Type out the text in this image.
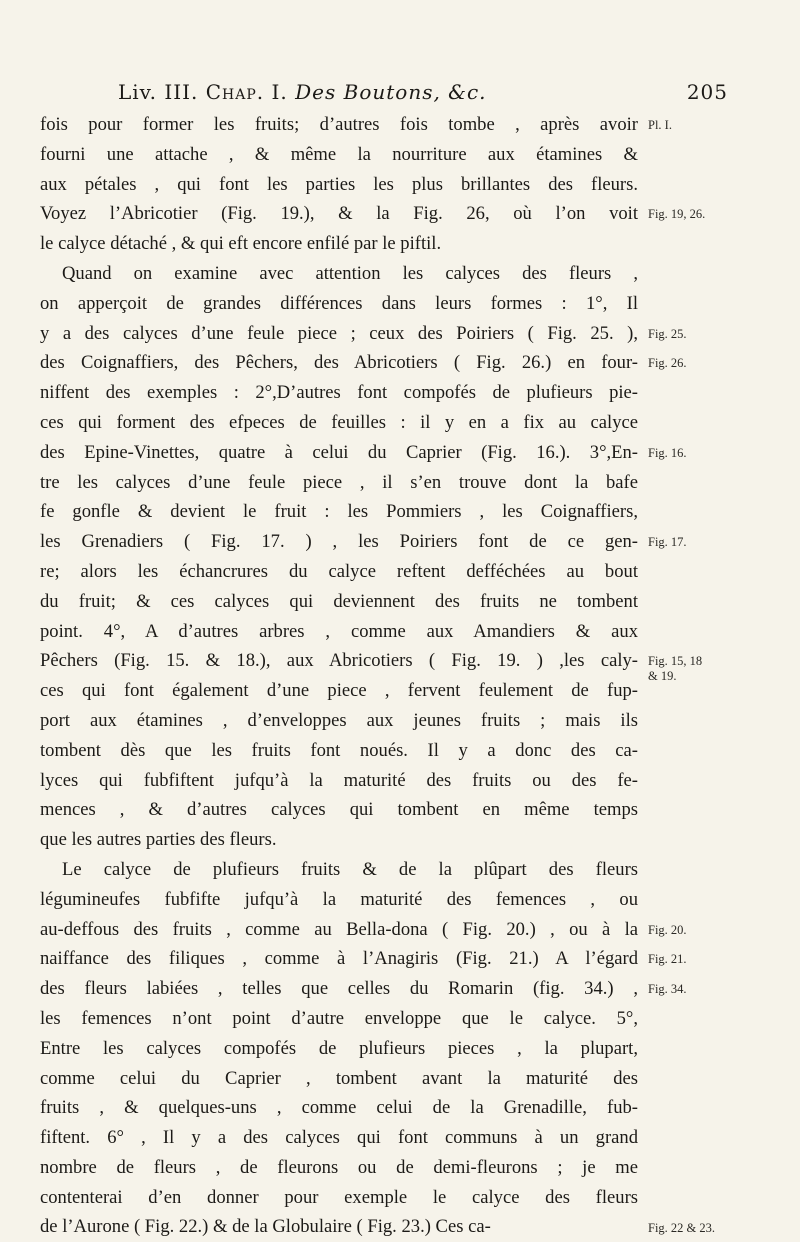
Liv. III. Chap. I. Des Boutons, &c.	205
fois pour former les fruits; d’autres fois tombe , après avoir
fourni une attache , & même la nourriture aux étamines &
aux pétales , qui font les parties les plus brillantes des fleurs.
Voyez l’Abricotier (Fig. 19.), & la Fig. 26, où l’on voit
le calyce détaché , & qui eft encore enfilé par le piftil.
Quand on examine avec attention les calyces des fleurs ,
on apperçoit de grandes différences dans leurs formes : 1°, Il
y a des calyces d’une feule piece ; ceux des Poiriers ( Fig. 25. ),
des Coignaffiers, des Pêchers, des Abricotiers ( Fig. 26.) en four-
niffent des exemples : 2°,D’autres font compofés de plufieurs pie-
ces qui forment des efpeces de feuilles : il y en a fix au calyce
des Epine-Vinettes, quatre à celui du Caprier (Fig. 16.). 3°,En-
tre les calyces d’une feule piece , il s’en trouve dont la bafe
fe gonfle & devient le fruit : les Pommiers , les Coignaffiers,
les Grenadiers ( Fig. 17. ) , les Poiriers font de ce gen-
re; alors les échancrures du calyce reftent defféchées au bout
du fruit; & ces calyces qui deviennent des fruits ne tombent
point. 4°, A d’autres arbres , comme aux Amandiers & aux
Pêchers (Fig. 15. & 18.), aux Abricotiers ( Fig. 19. ) ,les caly-
ces qui font également d’une piece , fervent feulement de fup-
port aux étamines , d’enveloppes aux jeunes fruits ; mais ils
tombent dès que les fruits font noués. Il y a donc des ca-
lyces qui fubfiftent jufqu’à la maturité des fruits ou des fe-
mences , & d’autres calyces qui tombent en même temps
que les autres parties des fleurs.
Le calyce de plufieurs fruits & de la plûpart des fleurs
légumineufes fubfifte jufqu’à la maturité des femences , ou
au-deffous des fruits , comme au Bella-dona ( Fig. 20.) , ou à la
naiffance des filiques , comme à l’Anagiris (Fig. 21.) A l’égard
des fleurs labiées , telles que celles du Romarin (fig. 34.) ,
les femences n’ont point d’autre enveloppe que le calyce. 5°,
Entre les calyces compofés de plufieurs pieces , la plupart,
comme celui du Caprier , tombent avant la maturité des
fruits , & quelques-uns , comme celui de la Grenadille, fub-
fiftent. 6° , Il y a des calyces qui font communs à un grand
nombre de fleurs , de fleurons ou de demi-fleurons ; je me
contenterai d’en donner pour exemple le calyce des fleurs
de l’Aurone ( Fig. 22.) & de la Globulaire ( Fig. 23.) Ces ca-
Pl. I.
Fig. 19, 26.
Fig. 25.
Fig. 26.
Fig. 16.
Fig. 17.
Fig. 15, 18
& 19.
Fig. 20.
Fig. 21.
Fig. 34.
Fig. 22 & 23.
